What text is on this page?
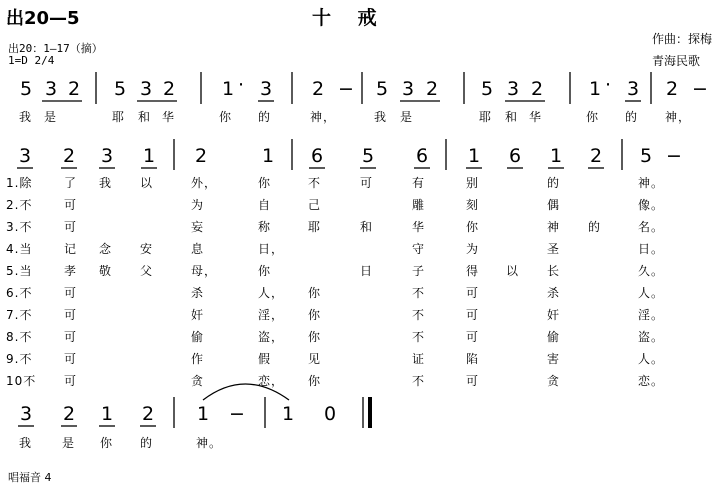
出20—5	十 戒
出20：1—17（摘）
1=D 2/4
作曲：探梅
青海民歌
5 3 2 5 3 2 1 · 3 2 − 5 3 2 5 3 2 1 · 3 2 −
我 是	耶 和 华	你 的	神，	我 是	耶 和 华	你 的 神，
3 2 3 1 2	1 6 5 6 1 6 1 2 5 −
1.除	了 我 以	外，	你	不	可	有	别	的	神。
2.不	可	为	自	己	雕	刻	偶	像。
3.不	可	妄	称	耶	和	华	你	神 的	名。
4.当	记 念 安	息	日，	守	为	圣	日。
5.当	孝 敬 父	母，	你	日	子	得 以 长	久。
6.不	可	杀	人， 你	不	可	杀	人。
7.不	可	奸	淫， 你	不	可	奸	淫。
8.不	可	偷	盗， 你	不	可	偷	盗。
9.不	可	作	假	见	证	陷	害	人。
10不 可	贪	恋， 你	不	可	贪	恋。
3 2 1 2 1 − 1 0
我 是 你 的	神。
唱福音 4
